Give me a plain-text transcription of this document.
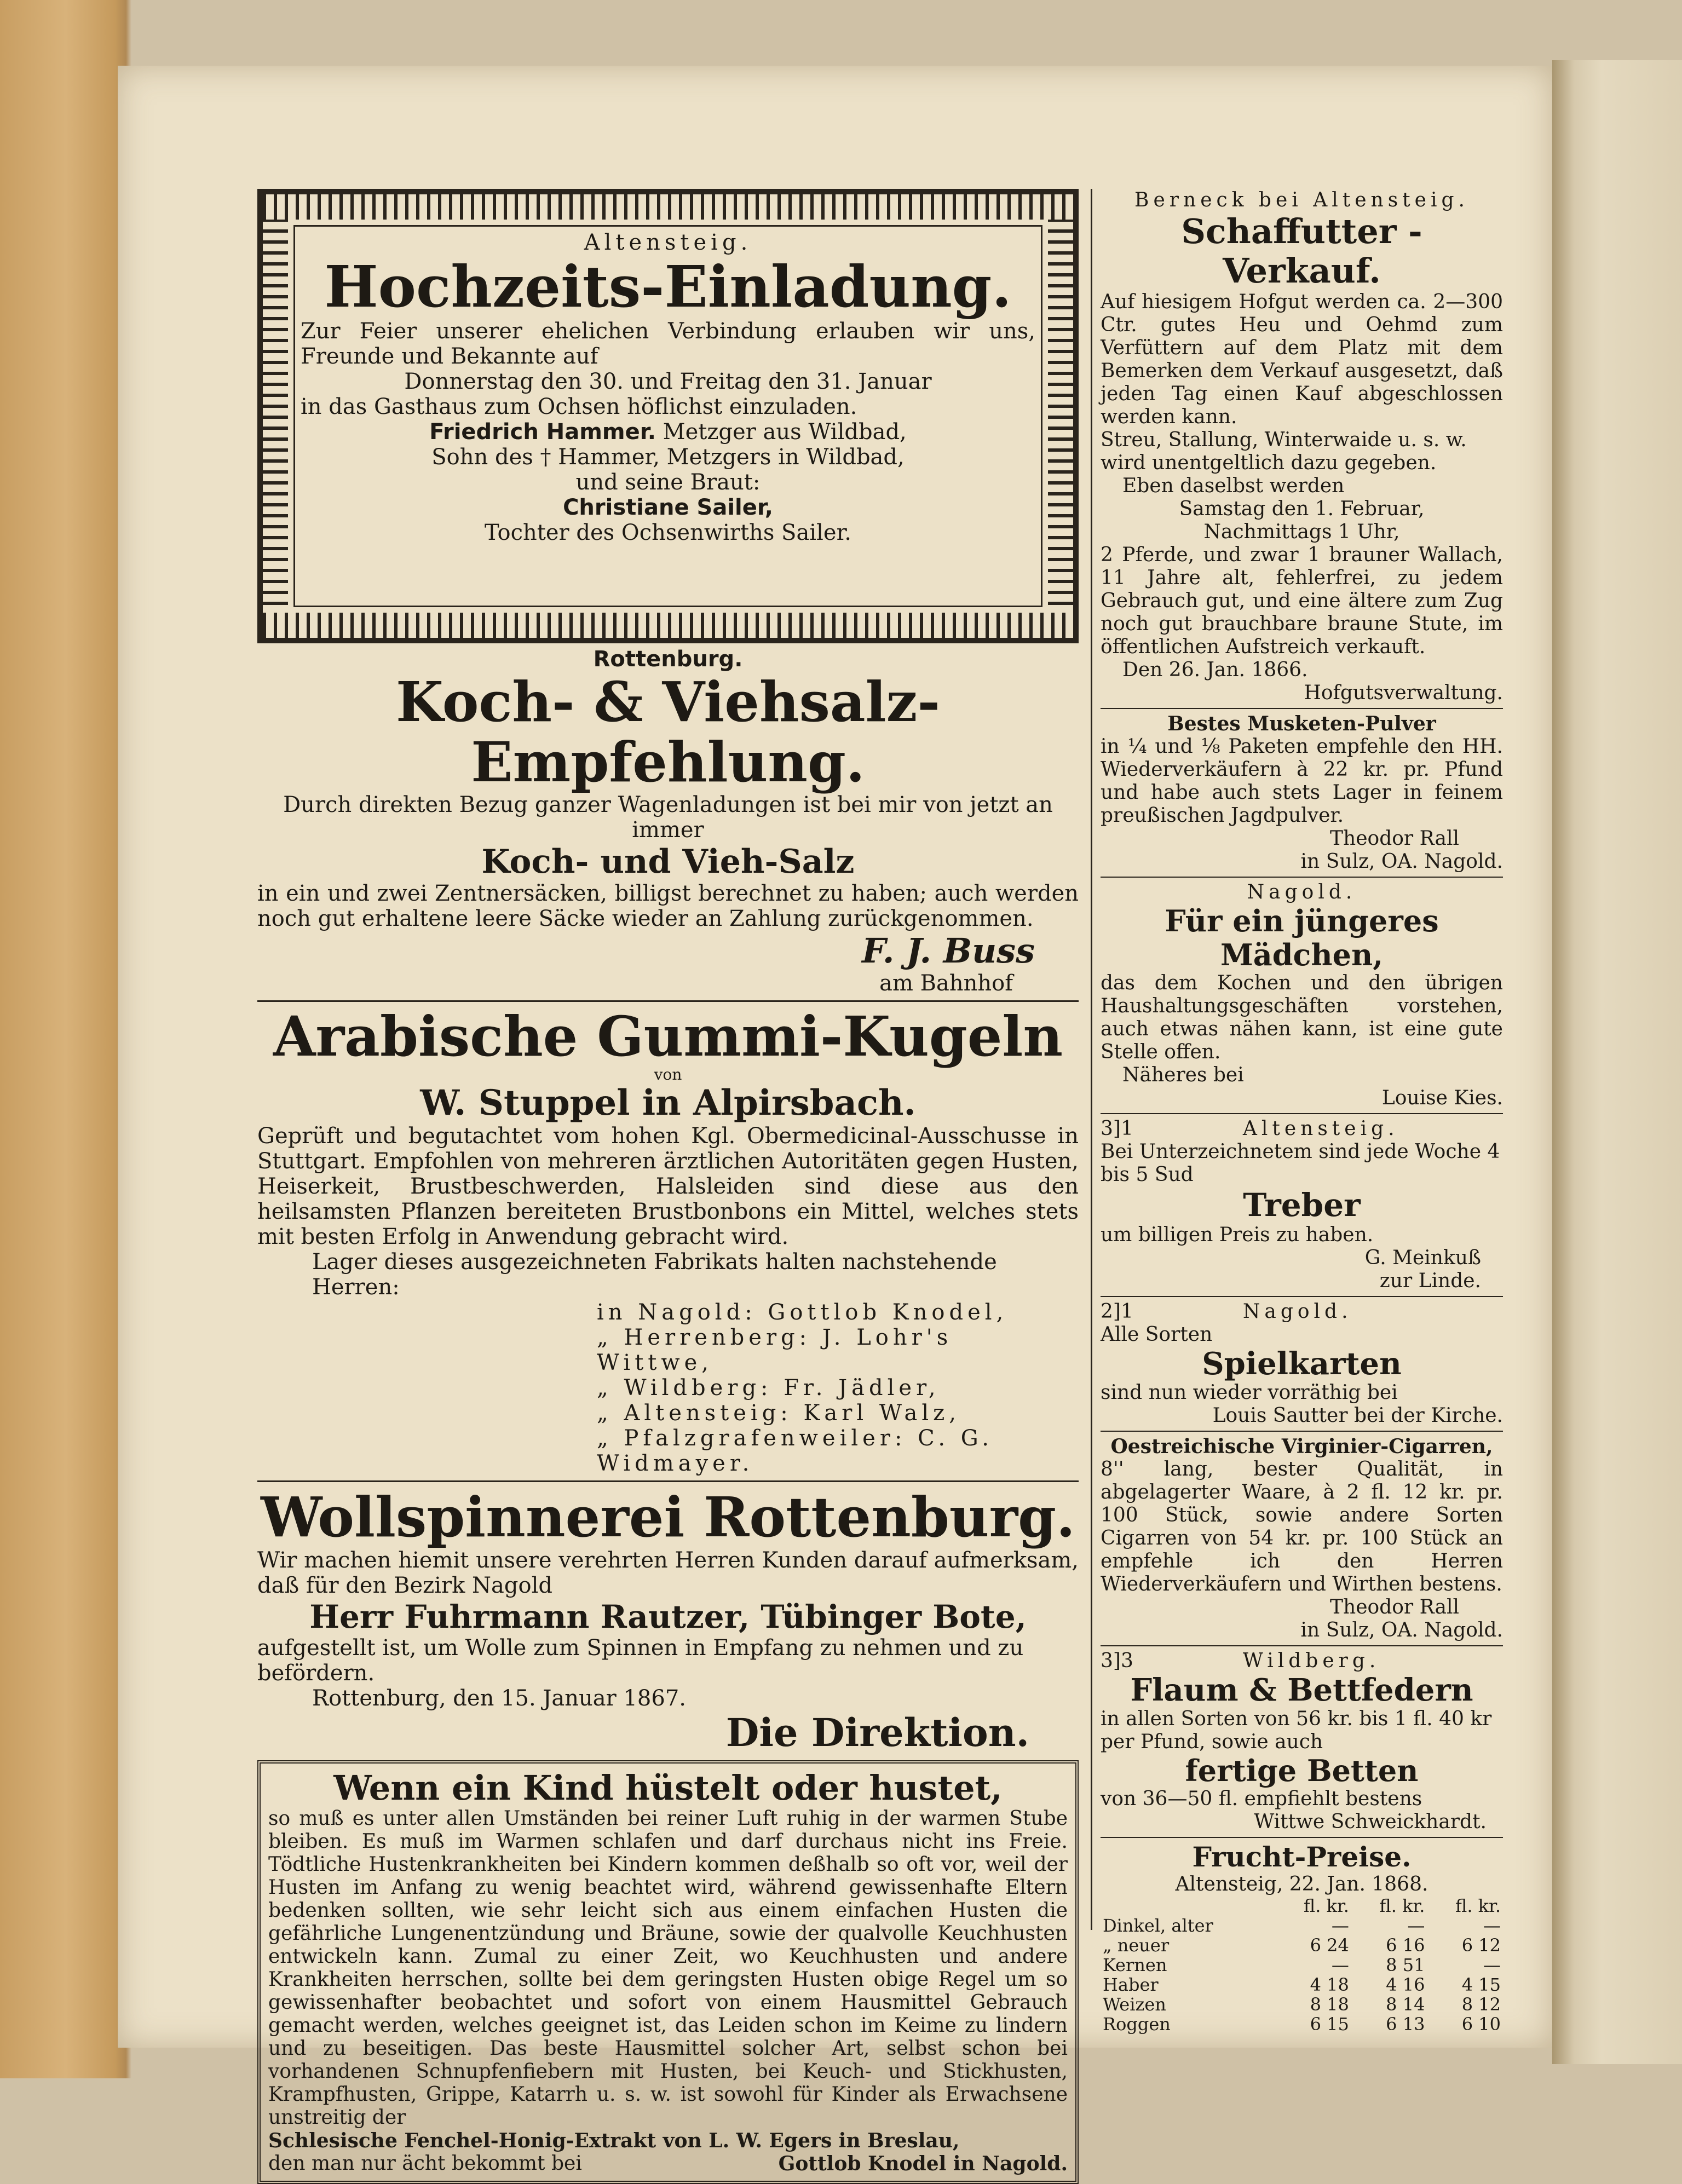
Altensteig.

Hochzeits-Einladung.

Zur Feier unserer ehelichen Verbindung erlauben wir uns, Freunde und Bekannte auf

Donnerstag den 30. und Freitag den 31. Januar

in das Gasthaus zum Ochsen höflichst einzuladen.

Friedrich Hammer. Metzger aus Wildbad,

Sohn des † Hammer, Metzgers in Wildbad,

und seine Braut:

Christiane Sailer,

Tochter des Ochsenwirths Sailer.

Rottenburg.

Koch- & Viehsalz-Empfehlung.

Durch direkten Bezug ganzer Wagenladungen ist bei mir von jetzt an immer

Koch- und Vieh-Salz

in ein und zwei Zentnersäcken, billigst berechnet zu haben; auch werden noch gut erhaltene leere Säcke wieder an Zahlung zurückgenommen.

F. J. Buss

am Bahnhof

Arabische Gummi-Kugeln

von

W. Stuppel in Alpirsbach.

Geprüft und begutachtet vom hohen Kgl. Obermedicinal-Ausschusse in Stuttgart. Empfohlen von mehreren ärztlichen Autoritäten gegen Husten, Heiserkeit, Brustbeschwerden, Halsleiden sind diese aus den heilsamsten Pflanzen bereiteten Brustbonbons ein Mittel, welches stets mit besten Erfolg in Anwendung gebracht wird.

Lager dieses ausgezeichneten Fabrikats halten nachstehende Herren:

in Nagold: Gottlob Knodel,

„ Herrenberg: J. Lohr's Wittwe,

„ Wildberg: Fr. Jädler,

„ Altensteig: Karl Walz,

„ Pfalzgrafenweiler: C. G. Widmayer.

Wollspinnerei Rottenburg.

Wir machen hiemit unsere verehrten Herren Kunden darauf aufmerksam, daß für den Bezirk Nagold

Herr Fuhrmann Rautzer, Tübinger Bote,

aufgestellt ist, um Wolle zum Spinnen in Empfang zu nehmen und zu befördern.

Rottenburg, den 15. Januar 1867.

Die Direktion.

Wenn ein Kind hüstelt oder hustet,

so muß es unter allen Umständen bei reiner Luft ruhig in der warmen Stube bleiben. Es muß im Warmen schlafen und darf durchaus nicht ins Freie. Tödtliche Hustenkrankheiten bei Kindern kommen deßhalb so oft vor, weil der Husten im Anfang zu wenig beachtet wird, während gewissenhafte Eltern bedenken sollten, wie sehr leicht sich aus einem einfachen Husten die gefährliche Lungenentzündung und Bräune, sowie der qualvolle Keuchhusten entwickeln kann. Zumal zu einer Zeit, wo Keuchhusten und andere Krankheiten herrschen, sollte bei dem geringsten Husten obige Regel um so gewissenhafter beobachtet und sofort von einem Hausmittel Gebrauch gemacht werden, welches geeignet ist, das Leiden schon im Keime zu lindern und zu beseitigen. Das beste Hausmittel solcher Art, selbst schon bei vorhandenen Schnupfenfiebern mit Husten, bei Keuch- und Stickhusten, Krampfhusten, Grippe, Katarrh u. s. w. ist sowohl für Kinder als Erwachsene unstreitig der

Schlesische Fenchel-Honig-Extrakt von L. W. Egers in Breslau,

den man nur ächt bekommt bei	Gottlob Knodel in Nagold.

Berneck bei Altensteig.

Schaffutter - Verkauf.

Auf hiesigem Hofgut werden ca. 2—300 Ctr. gutes Heu und Oehmd zum Verfüttern auf dem Platz mit dem Bemerken dem Verkauf ausgesetzt, daß jeden Tag einen Kauf abgeschlossen werden kann.

Streu, Stallung, Winterwaide u. s. w. wird unentgeltlich dazu gegeben.

Eben daselbst werden

Samstag den 1. Februar,

Nachmittags 1 Uhr,

2 Pferde, und zwar 1 brauner Wallach, 11 Jahre alt, fehlerfrei, zu jedem Gebrauch gut, und eine ältere zum Zug noch gut brauchbare braune Stute, im öffentlichen Aufstreich verkauft.

Den 26. Jan. 1866.

Hofgutsverwaltung.

Bestes Musketen-Pulver

in ¼ und ⅛ Paketen empfehle den HH. Wiederverkäufern à 22 kr. pr. Pfund und habe auch stets Lager in feinem preußischen Jagdpulver.

Theodor Rall

in Sulz, OA. Nagold.

Nagold.

Für ein jüngeres Mädchen,

das dem Kochen und den übrigen Haushaltungsgeschäften vorstehen, auch etwas nähen kann, ist eine gute Stelle offen.

Näheres bei

Louise Kies.

3]1	Altensteig.

Bei Unterzeichnetem sind jede Woche 4 bis 5 Sud

Treber

um billigen Preis zu haben.

G. Meinkuß

zur Linde.

2]1	Nagold.

Alle Sorten

Spielkarten

sind nun wieder vorräthig bei

Louis Sautter bei der Kirche.

Oestreichische Virginier-Cigarren,

8'' lang, bester Qualität, in abgelagerter Waare, à 2 fl. 12 kr. pr. 100 Stück, sowie andere Sorten Cigarren von 54 kr. pr. 100 Stück an empfehle ich den Herren Wiederverkäufern und Wirthen bestens.

Theodor Rall

in Sulz, OA. Nagold.

3]3	Wildberg.

Flaum & Bettfedern

in allen Sorten von 56 kr. bis 1 fl. 40 kr per Pfund, sowie auch

fertige Betten

von 36—50 fl. empfiehlt bestens

Wittwe Schweickhardt.

Frucht-Preise.

Altensteig, 22. Jan. 1868.

	fl. kr.	fl. kr.	fl. kr.
Dinkel, alter	—	—	—
„ neuer	6 24	6 16	6 12
Kernen	—	8 51	—
Haber	4 18	4 16	4 15
Weizen	8 18	8 14	8 12
Roggen	6 15	6 13	6 10
